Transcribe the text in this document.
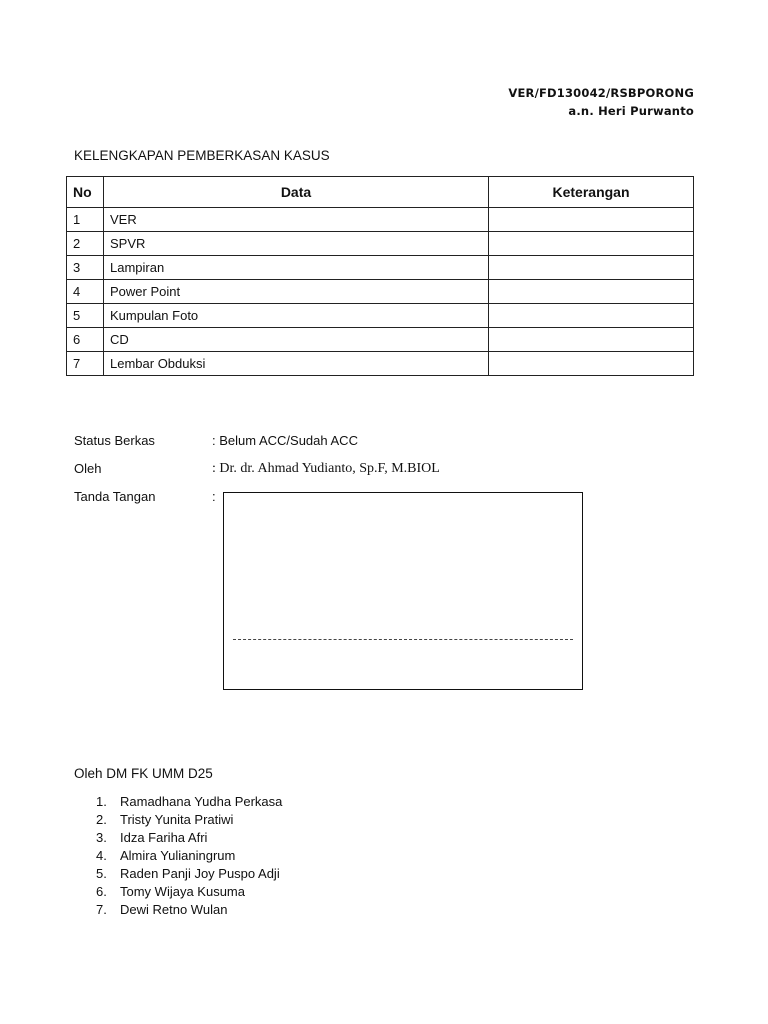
VER/FD130042/RSBPORONG
a.n. Heri Purwanto
KELENGKAPAN PEMBERKASAN KASUS
No	Data	Keterangan
1	VER	
2	SPVR	
3	Lampiran	
4	Power Point	
5	Kumpulan Foto	
6	CD	
7	Lembar Obduksi	
Status Berkas	: Belum ACC/Sudah ACC
Oleh	: Dr. dr. Ahmad Yudianto, Sp.F, M.BIOL
Tanda Tangan	:
Oleh DM FK UMM D25
1. Ramadhana Yudha Perkasa
2. Tristy Yunita Pratiwi
3. Idza Fariha Afri
4. Almira Yulianingrum
5. Raden Panji Joy Puspo Adji
6. Tomy Wijaya Kusuma
7. Dewi Retno Wulan
